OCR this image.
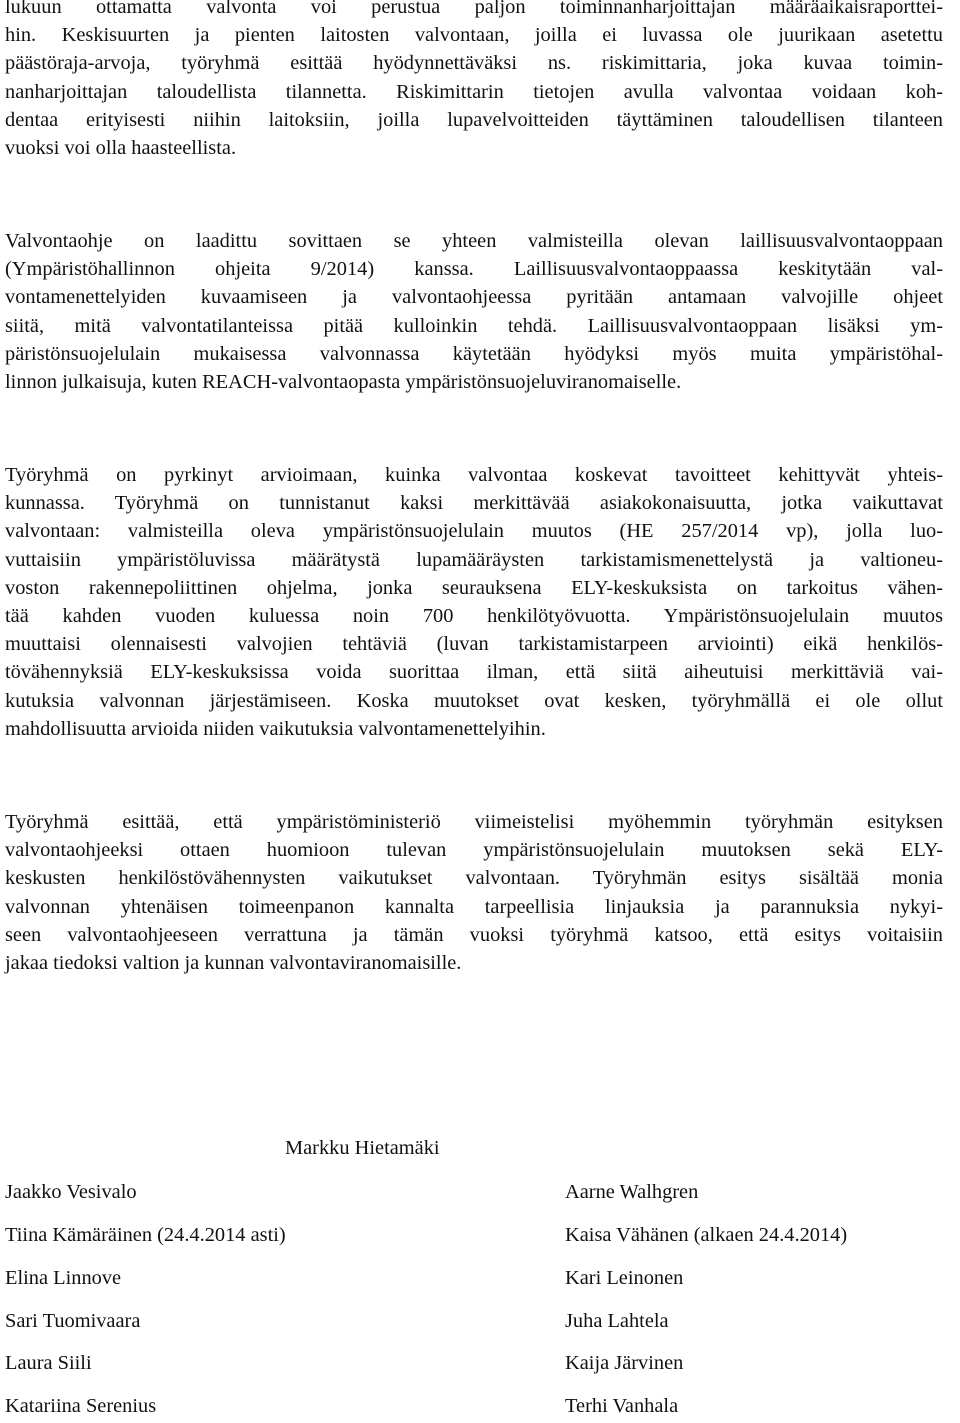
lukuun ottamatta valvonta voi perustua paljon toiminnanharjoittajan määräaikaisraporttei-
hin. Keskisuurten ja pienten laitosten valvontaan, joilla ei luvassa ole juurikaan asetettu
päästöraja-arvoja, työryhmä esittää hyödynnettäväksi ns. riskimittaria, joka kuvaa toimin-
nanharjoittajan taloudellista tilannetta. Riskimittarin tietojen avulla valvontaa voidaan koh-
dentaa erityisesti niihin laitoksiin, joilla lupavelvoitteiden täyttäminen taloudellisen tilanteen
vuoksi voi olla haasteellista.
Valvontaohje on laadittu sovittaen se yhteen valmisteilla olevan laillisuusvalvontaoppaan
(Ympäristöhallinnon ohjeita 9/2014) kanssa. Laillisuusvalvontaoppaassa keskitytään val-
vontamenettelyiden kuvaamiseen ja valvontaohjeessa pyritään antamaan valvojille ohjeet
siitä, mitä valvontatilanteissa pitää kulloinkin tehdä. Laillisuusvalvontaoppaan lisäksi ym-
päristönsuojelulain mukaisessa valvonnassa käytetään hyödyksi myös muita ympäristöhal-
linnon julkaisuja, kuten REACH-valvontaopasta ympäristönsuojeluviranomaiselle.
Työryhmä on pyrkinyt arvioimaan, kuinka valvontaa koskevat tavoitteet kehittyvät yhteis-
kunnassa. Työryhmä on tunnistanut kaksi merkittävää asiakokonaisuutta, jotka vaikuttavat
valvontaan: valmisteilla oleva ympäristönsuojelulain muutos (HE 257/2014 vp), jolla luo-
vuttaisiin ympäristöluvissa määrätystä lupamääräysten tarkistamismenettelystä ja valtioneu-
voston rakennepoliittinen ohjelma, jonka seurauksena ELY-keskuksista on tarkoitus vähen-
tää kahden vuoden kuluessa noin 700 henkilötyövuotta. Ympäristönsuojelulain muutos
muuttaisi olennaisesti valvojien tehtäviä (luvan tarkistamistarpeen arviointi) eikä henkilös-
tövähennyksiä ELY-keskuksissa voida suorittaa ilman, että siitä aiheutuisi merkittäviä vai-
kutuksia valvonnan järjestämiseen. Koska muutokset ovat kesken, työryhmällä ei ole ollut
mahdollisuutta arvioida niiden vaikutuksia valvontamenettelyihin.
Työryhmä esittää, että ympäristöministeriö viimeistelisi myöhemmin työryhmän esityksen
valvontaohjeeksi ottaen huomioon tulevan ympäristönsuojelulain muutoksen sekä ELY-
keskusten henkilöstövähennysten vaikutukset valvontaan. Työryhmän esitys sisältää monia
valvonnan yhtenäisen toimeenpanon kannalta tarpeellisia linjauksia ja parannuksia nykyi-
seen valvontaohjeeseen verrattuna ja tämän vuoksi työryhmä katsoo, että esitys voitaisiin
jakaa tiedoksi valtion ja kunnan valvontaviranomaisille.
Markku Hietamäki
Jaakko Vesivalo	Aarne Walhgren
Tiina Kämäräinen (24.4.2014 asti)	Kaisa Vähänen (alkaen 24.4.2014)
Elina Linnove	Kari Leinonen
Sari Tuomivaara	Juha Lahtela
Laura Siili	Kaija Järvinen
Katariina Serenius	Terhi Vanhala
